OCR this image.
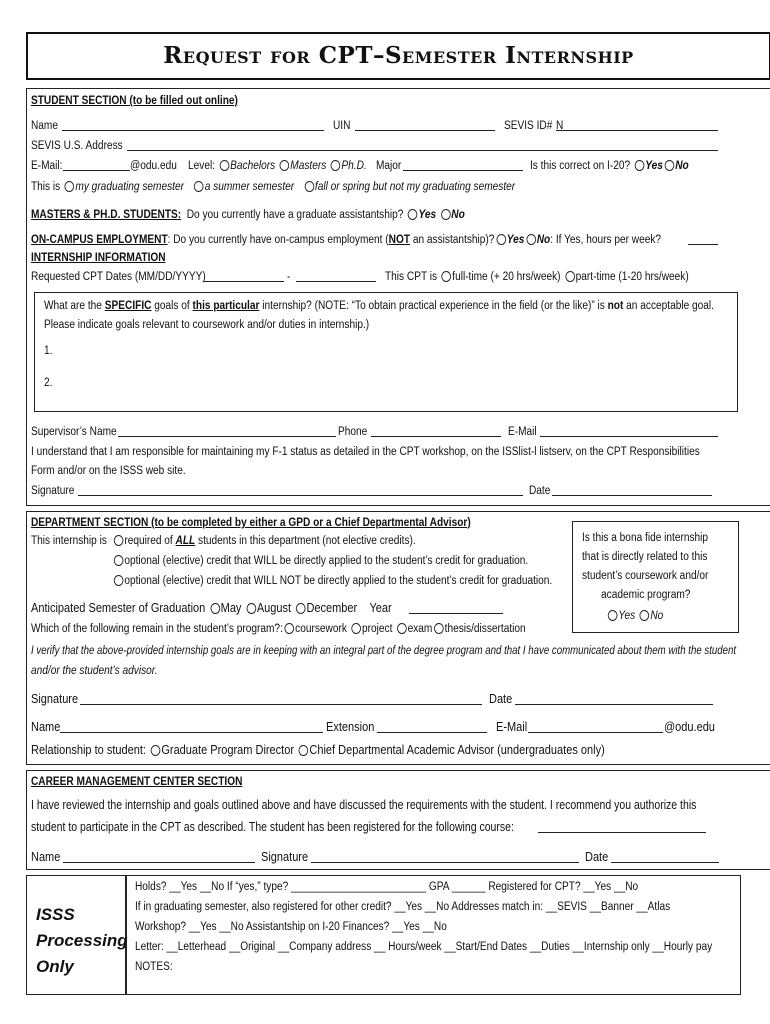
Request for CPT–Semester Internship
STUDENT SECTION (to be filled out online)
Name	UIN	SEVIS ID# N
SEVIS U.S. Address
E-Mail:	@odu.edu Level: Bachelors Masters Ph.D. Major	Is this correct on I-20? Yes No
This is my graduating semester a summer semester fall or spring but not my graduating semester
MASTERS & PH.D. STUDENTS: Do you currently have a graduate assistantship? Yes No
ON-CAMPUS EMPLOYMENT: Do you currently have on-campus employment (NOT an assistantship)? Yes No: If Yes, hours per week?
INTERNSHIP INFORMATION
Requested CPT Dates (MM/DD/YYYY)	-	This CPT is full-time (+ 20 hrs/week) part-time (1-20 hrs/week)
What are the SPECIFIC goals of this particular internship? (NOTE: “To obtain practical experience in the field (or the like)” is not an acceptable goal.
Please indicate goals relevant to coursework and/or duties in internship.)
1.
2.
Supervisor’s Name	Phone	E-Mail
I understand that I am responsible for maintaining my F-1 status as detailed in the CPT workshop, on the ISSlist-l listserv, on the CPT Responsibilities
Form and/or on the ISSS web site.
Signature	Date
DEPARTMENT SECTION (to be completed by either a GPD or a Chief Departmental Advisor)
This internship is	required of ALL students in this department (not elective credits).
optional (elective) credit that WILL be directly applied to the student’s credit for graduation.
optional (elective) credit that WILL NOT be directly applied to the student’s credit for graduation.
Is this a bona fide internship
that is directly related to this
student’s coursework and/or
academic program?
Yes No
Anticipated Semester of Graduation May August December Year
Which of the following remain in the student’s program?: coursework project exam thesis/dissertation
I verify that the above-provided internship goals are in keeping with an integral part of the degree program and that I have communicated about them with the student
and/or the student’s advisor.
Signature	Date
Name	Extension	E-Mail	@odu.edu
Relationship to student: Graduate Program Director Chief Departmental Academic Advisor (undergraduates only)
CAREER MANAGEMENT CENTER SECTION
I have reviewed the internship and goals outlined above and have discussed the requirements with the student. I recommend you authorize this
student to participate in the CPT as described. The student has been registered for the following course:
Name	Signature	Date
ISSS
Processing
Only
Holds? __Yes __No If “yes,” type? ________________________ GPA ______ Registered for CPT? __Yes __No
If in graduating semester, also registered for other credit? __Yes __No Addresses match in: __SEVIS __Banner __Atlas
Workshop? __Yes __No Assistantship on I-20 Finances? __Yes __No
Letter: __Letterhead __Original __Company address __ Hours/week __Start/End Dates __Duties __Internship only __Hourly pay
NOTES:
